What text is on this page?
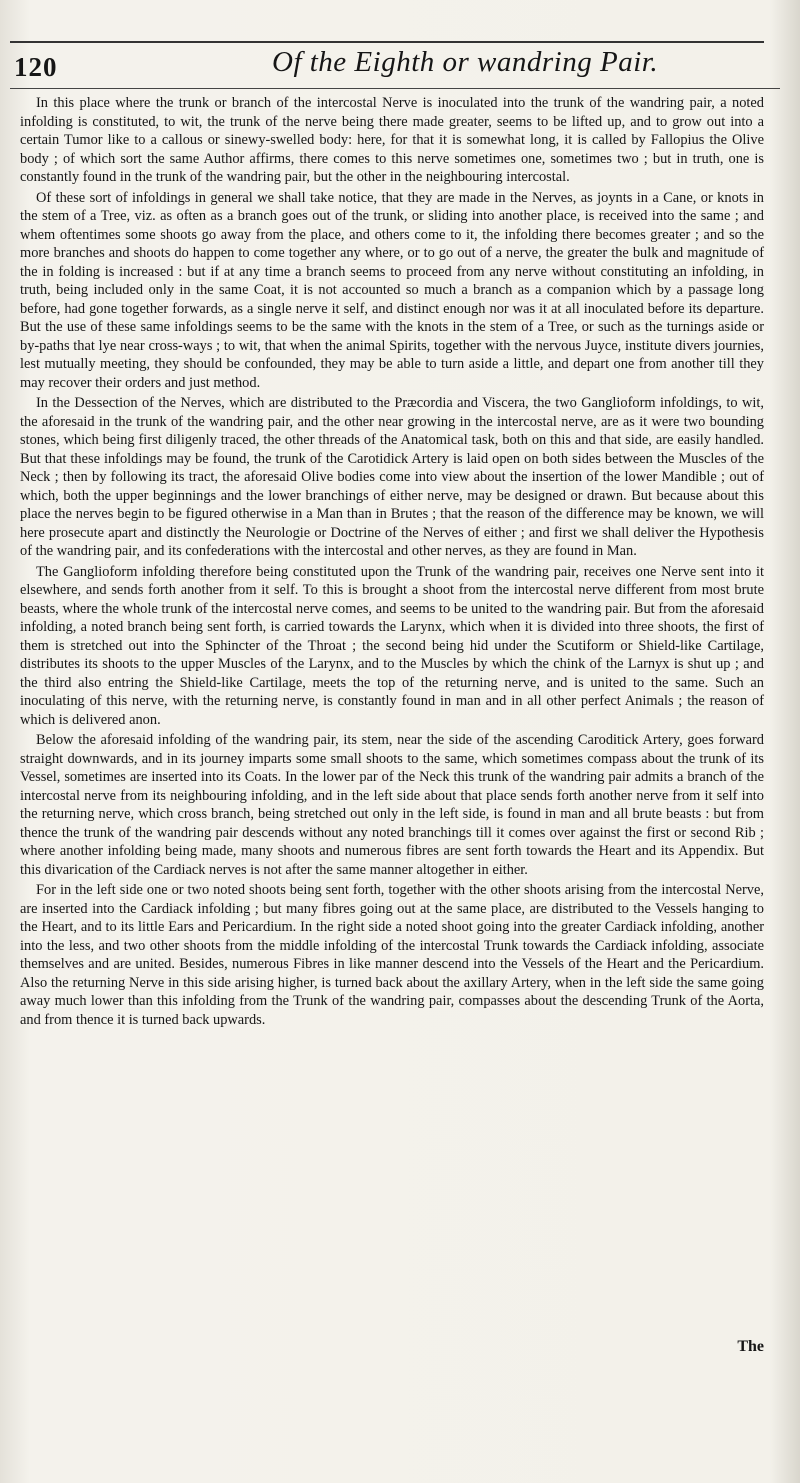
120	Of the Eighth or wandring Pair.

In this place where the trunk or branch of the intercostal Nerve is inoculated into the trunk of the wandring pair, a noted infolding is constituted, to wit, the trunk of the nerve being there made greater, seems to be lifted up, and to grow out into a certain Tumor like to a callous or sinewy-swelled body: here, for that it is somewhat long, it is called by Fallopius the Olive body ; of which sort the same Author affirms, there comes to this nerve sometimes one, sometimes two ; but in truth, one is constantly found in the trunk of the wandring pair, but the other in the neighbouring intercostal.

Of these sort of infoldings in general we shall take notice, that they are made in the Nerves, as joynts in a Cane, or knots in the stem of a Tree, viz. as often as a branch goes out of the trunk, or sliding into another place, is received into the same ; and whem oftentimes some shoots go away from the place, and others come to it, the infolding there becomes greater ; and so the more branches and shoots do happen to come together any where, or to go out of a nerve, the greater the bulk and magnitude of the in folding is increased : but if at any time a branch seems to proceed from any nerve without constituting an infolding, in truth, being included only in the same Coat, it is not accounted so much a branch as a companion which by a passage long before, had gone together forwards, as a single nerve it self, and distinct enough nor was it at all inoculated before its departure. But the use of these same infoldings seems to be the same with the knots in the stem of a Tree, or such as the turnings aside or by-paths that lye near cross-ways ; to wit, that when the animal Spirits, together with the nervous Juyce, institute divers journies, lest mutually meeting, they should be confounded, they may be able to turn aside a little, and depart one from another till they may recover their orders and just method.

In the Dessection of the Nerves, which are distributed to the Præcordia and Viscera, the two Ganglioform infoldings, to wit, the aforesaid in the trunk of the wandring pair, and the other near growing in the intercostal nerve, are as it were two bounding stones, which being first diligenly traced, the other threads of the Anatomical task, both on this and that side, are easily handled. But that these infoldings may be found, the trunk of the Carotidick Artery is laid open on both sides between the Muscles of the Neck ; then by following its tract, the aforesaid Olive bodies come into view about the insertion of the lower Mandible ; out of which, both the upper beginnings and the lower branchings of either nerve, may be designed or drawn. But because about this place the nerves begin to be figured otherwise in a Man than in Brutes ; that the reason of the difference may be known, we will here prosecute apart and distinctly the Neurologie or Doctrine of the Nerves of either ; and first we shall deliver the Hypothesis of the wandring pair, and its confederations with the intercostal and other nerves, as they are found in Man.

The Ganglioform infolding therefore being constituted upon the Trunk of the wandring pair, receives one Nerve sent into it elsewhere, and sends forth another from it self. To this is brought a shoot from the intercostal nerve different from most brute beasts, where the whole trunk of the intercostal nerve comes, and seems to be united to the wandring pair. But from the aforesaid infolding, a noted branch being sent forth, is carried towards the Larynx, which when it is divided into three shoots, the first of them is stretched out into the Sphincter of the Throat ; the second being hid under the Scutiform or Shield-like Cartilage, distributes its shoots to the upper Muscles of the Larynx, and to the Muscles by which the chink of the Larnyx is shut up ; and the third also entring the Shield-like Cartilage, meets the top of the returning nerve, and is united to the same. Such an inoculating of this nerve, with the returning nerve, is constantly found in man and in all other perfect Animals ; the reason of which is delivered anon.

Below the aforesaid infolding of the wandring pair, its stem, near the side of the ascending Caroditick Artery, goes forward straight downwards, and in its journey imparts some small shoots to the same, which sometimes compass about the trunk of its Vessel, sometimes are inserted into its Coats. In the lower par of the Neck this trunk of the wandring pair admits a branch of the intercostal nerve from its neighbouring infolding, and in the left side about that place sends forth another nerve from it self into the returning nerve, which cross branch, being stretched out only in the left side, is found in man and all brute beasts : but from thence the trunk of the wandring pair descends without any noted branchings till it comes over against the first or second Rib ; where another infolding being made, many shoots and numerous fibres are sent forth towards the Heart and its Appendix. But this divarication of the Cardiack nerves is not after the same manner altogether in either.

For in the left side one or two noted shoots being sent forth, together with the other shoots arising from the intercostal Nerve, are inserted into the Cardiack infolding ; but many fibres going out at the same place, are distributed to the Vessels hanging to the Heart, and to its little Ears and Pericardium. In the right side a noted shoot going into the greater Cardiack infolding, another into the less, and two other shoots from the middle infolding of the intercostal Trunk towards the Cardiack infolding, associate themselves and are united. Besides, numerous Fibres in like manner descend into the Vessels of the Heart and the Pericardium. Also the returning Nerve in this side arising higher, is turned back about the axillary Artery, when in the left side the same going away much lower than this infolding from the Trunk of the wandring pair, compasses about the descending Trunk of the Aorta, and from thence it is turned back upwards.

The
